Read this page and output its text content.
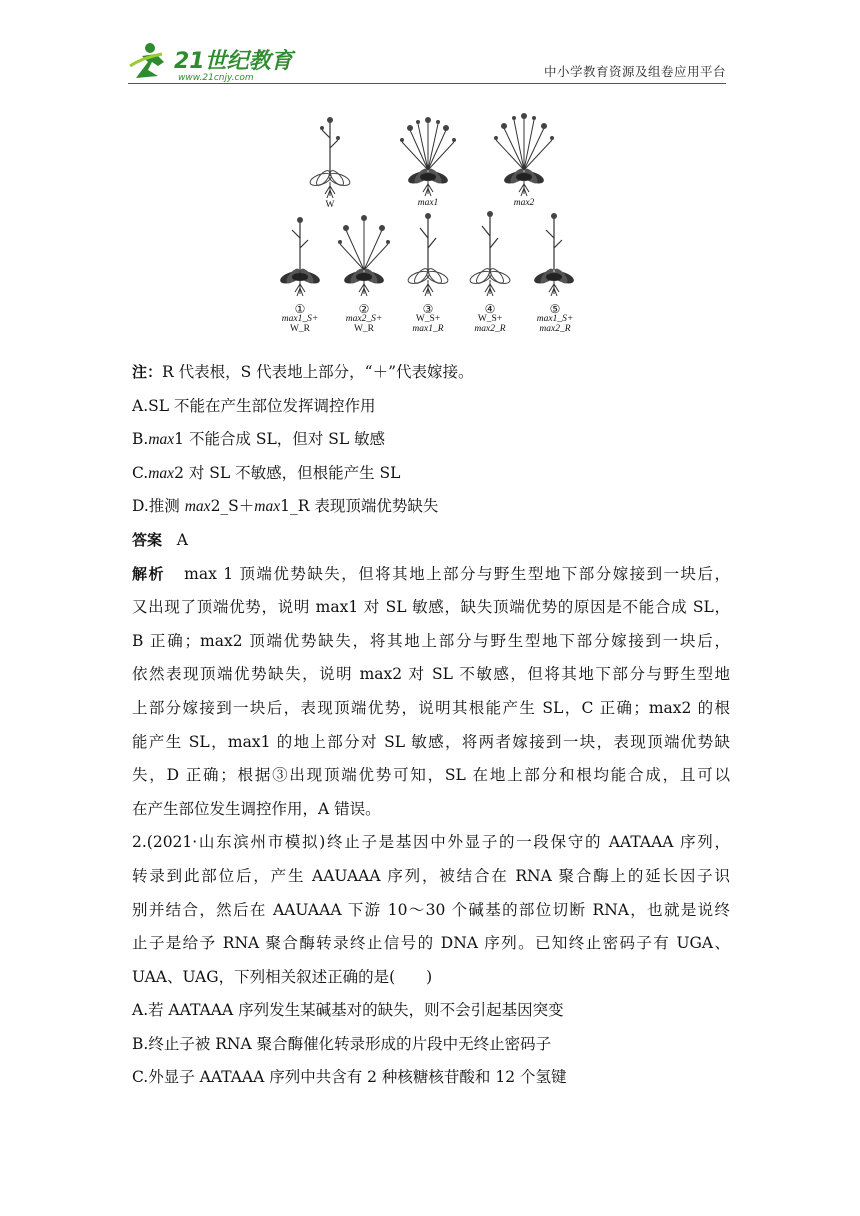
21世纪教育
www.21cnjy.com	中小学教育资源及组卷应用平台
W	max1	max2
①
max1_S+
W_R
②
max2_S+
W_R
③
W_S+
max1_R
④
W_S+
max2_R
⑤
max1_S+
max2_R
注：R 代表根，S 代表地上部分，“＋”代表嫁接。
A.SL 不能在产生部位发挥调控作用
B.max1 不能合成 SL，但对 SL 敏感
C.max2 对 SL 不敏感，但根能产生 SL
D.推测 max2_S＋max1_R 表现顶端优势缺失
答案 A
解析 max 1 顶端优势缺失，但将其地上部分与野生型地下部分嫁接到一块后，
又出现了顶端优势，说明 max1 对 SL 敏感，缺失顶端优势的原因是不能合成 SL，
B 正确；max2 顶端优势缺失，将其地上部分与野生型地下部分嫁接到一块后，
依然表现顶端优势缺失，说明 max2 对 SL 不敏感，但将其地下部分与野生型地
上部分嫁接到一块后，表现顶端优势，说明其根能产生 SL，C 正确；max2 的根
能产生 SL，max1 的地上部分对 SL 敏感，将两者嫁接到一块，表现顶端优势缺
失，D 正确；根据③出现顶端优势可知，SL 在地上部分和根均能合成，且可以
在产生部位发生调控作用，A 错误。
2.(2021·山东滨州市模拟)终止子是基因中外显子的一段保守的 AATAAA 序列，
转录到此部位后，产生 AAUAAA 序列，被结合在 RNA 聚合酶上的延长因子识
别并结合，然后在 AAUAAA 下游 10～30 个碱基的部位切断 RNA，也就是说终
止子是给予 RNA 聚合酶转录终止信号的 DNA 序列。已知终止密码子有 UGA、
UAA、UAG，下列相关叙述正确的是(　　)
A.若 AATAAA 序列发生某碱基对的缺失，则不会引起基因突变
B.终止子被 RNA 聚合酶催化转录形成的片段中无终止密码子
C.外显子 AATAAA 序列中共含有 2 种核糖核苷酸和 12 个氢键
